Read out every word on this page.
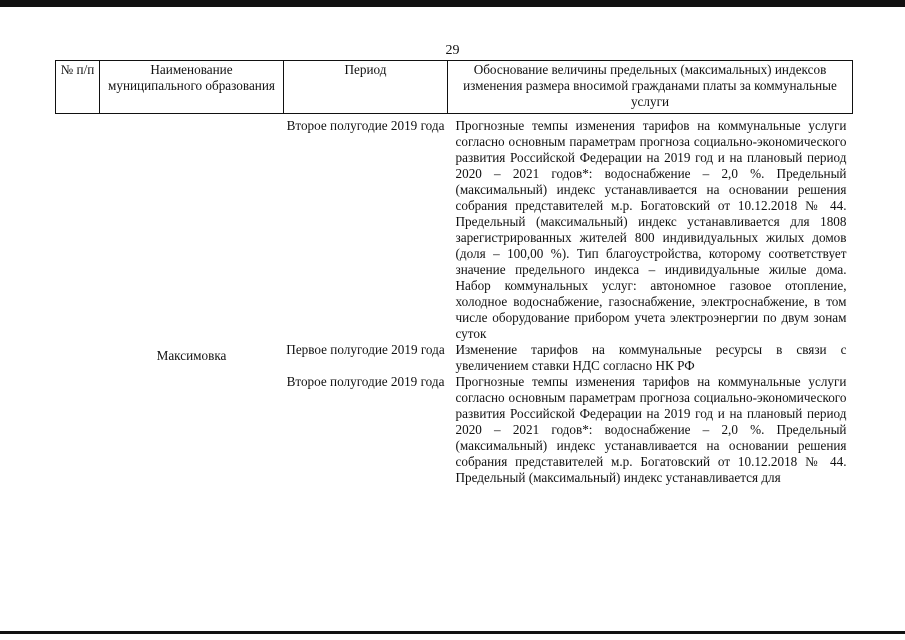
29
№ п/п	Наименование муниципального образования	Период	Обоснование величины предельных (максимальных) индексов изменения размера вносимой гражданами платы за коммунальные услуги
		Второе полугодие 2019 года	Прогнозные темпы изменения тарифов на коммунальные услуги согласно основным параметрам прогноза социально-экономического развития Российской Федерации на 2019 год и на плановый период 2020 – 2021 годов*: водоснабжение – 2,0 %. Предельный (максимальный) индекс устанавливается на основании решения собрания представителей м.р. Богатовский от 10.12.2018 № 44. Предельный (максимальный) индекс устанавливается для 1808 зарегистрированных жителей 800 индивидуальных жилых домов (доля – 100,00 %). Тип благоустройства, которому соответствует значение предельного индекса – индивидуальные жилые дома. Набор коммунальных услуг: автономное газовое отопление, холодное водоснабжение, газоснабжение, электроснабжение, в том числе оборудование прибором учета электроэнергии по двум зонам суток
	Максимовка	Первое полугодие 2019 года	Изменение тарифов на коммунальные ресурсы в связи с увеличением ставки НДС согласно НК РФ
		Второе полугодие 2019 года	Прогнозные темпы изменения тарифов на коммунальные услуги согласно основным параметрам прогноза социально-экономического развития Российской Федерации на 2019 год и на плановый период 2020 – 2021 годов*: водоснабжение – 2,0 %. Предельный (максимальный) индекс устанавливается на основании решения собрания представителей м.р. Богатовский от 10.12.2018 № 44. Предельный (максимальный) индекс устанавливается для
